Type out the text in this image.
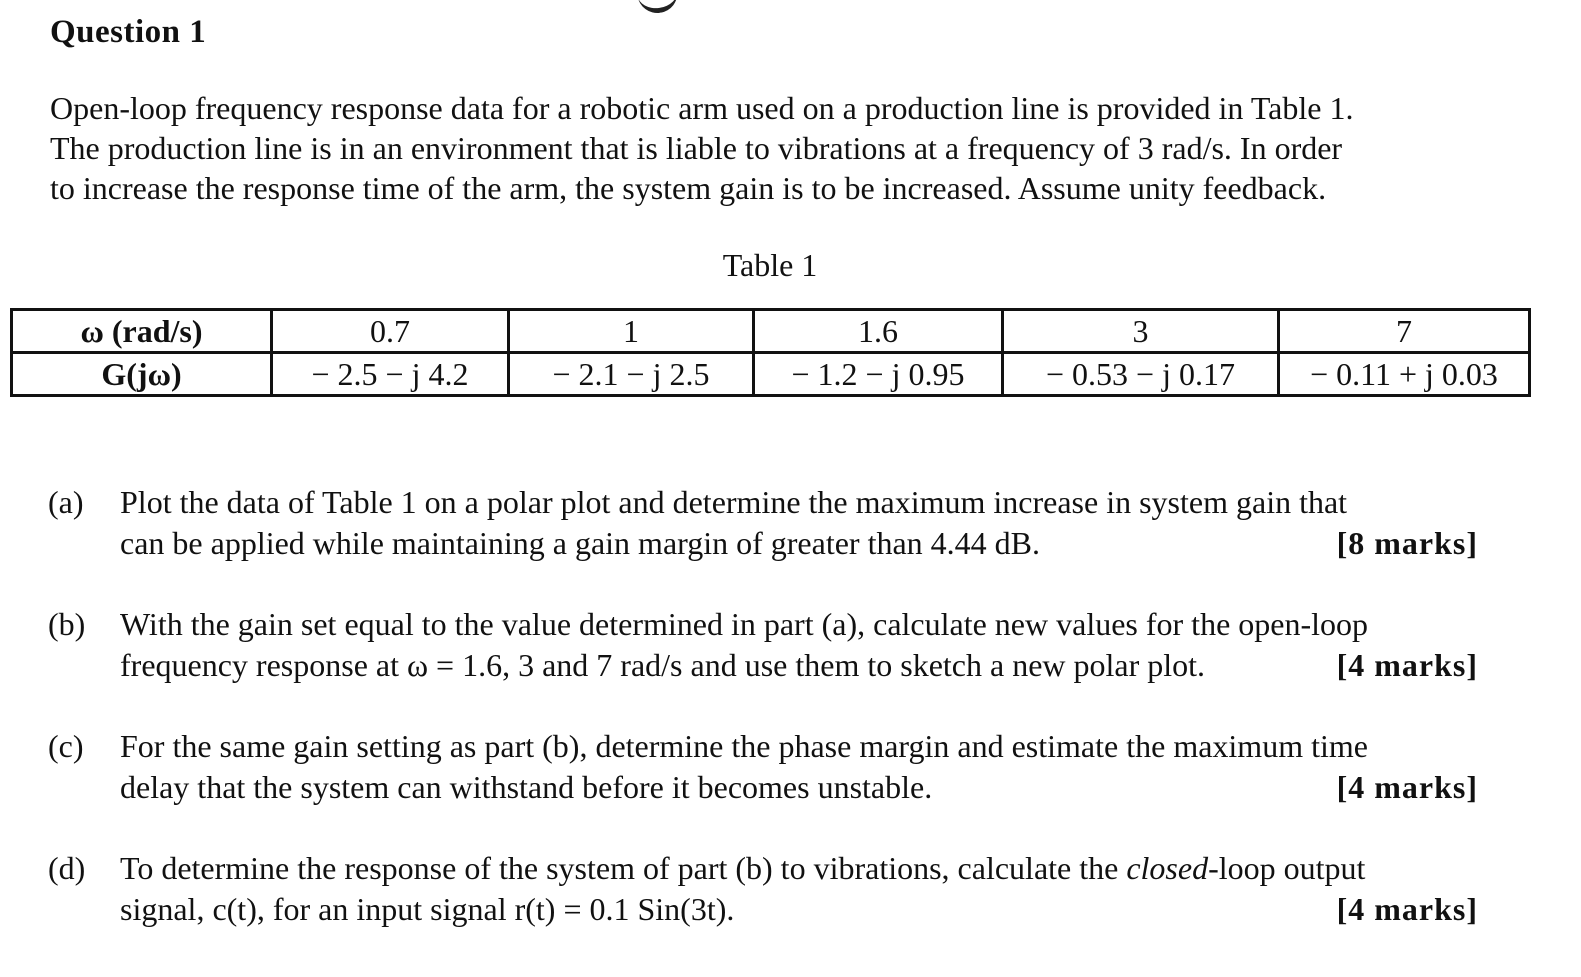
Question 1

Open-loop frequency response data for a robotic arm used on a production line is provided in Table 1.
The production line is in an environment that is liable to vibrations at a frequency of 3 rad/s. In order
to increase the response time of the arm, the system gain is to be increased. Assume unity feedback.

Table 1
ω (rad/s)	0.7	1	1.6	3	7
G(jω)	− 2.5 − j 4.2	− 2.1 − j 2.5	− 1.2 − j 0.95	− 0.53 − j 0.17	− 0.11 + j 0.03
(a) Plot the data of Table 1 on a polar plot and determine the maximum increase in system gain that
can be applied while maintaining a gain margin of greater than 4.44 dB.	[8 marks]
(b) With the gain set equal to the value determined in part (a), calculate new values for the open-loop
frequency response at ω = 1.6, 3 and 7 rad/s and use them to sketch a new polar plot.	[4 marks]
(c) For the same gain setting as part (b), determine the phase margin and estimate the maximum time
delay that the system can withstand before it becomes unstable.	[4 marks]
(d) To determine the response of the system of part (b) to vibrations, calculate the closed-loop output
signal, c(t), for an input signal r(t) = 0.1 Sin(3t).	[4 marks]
